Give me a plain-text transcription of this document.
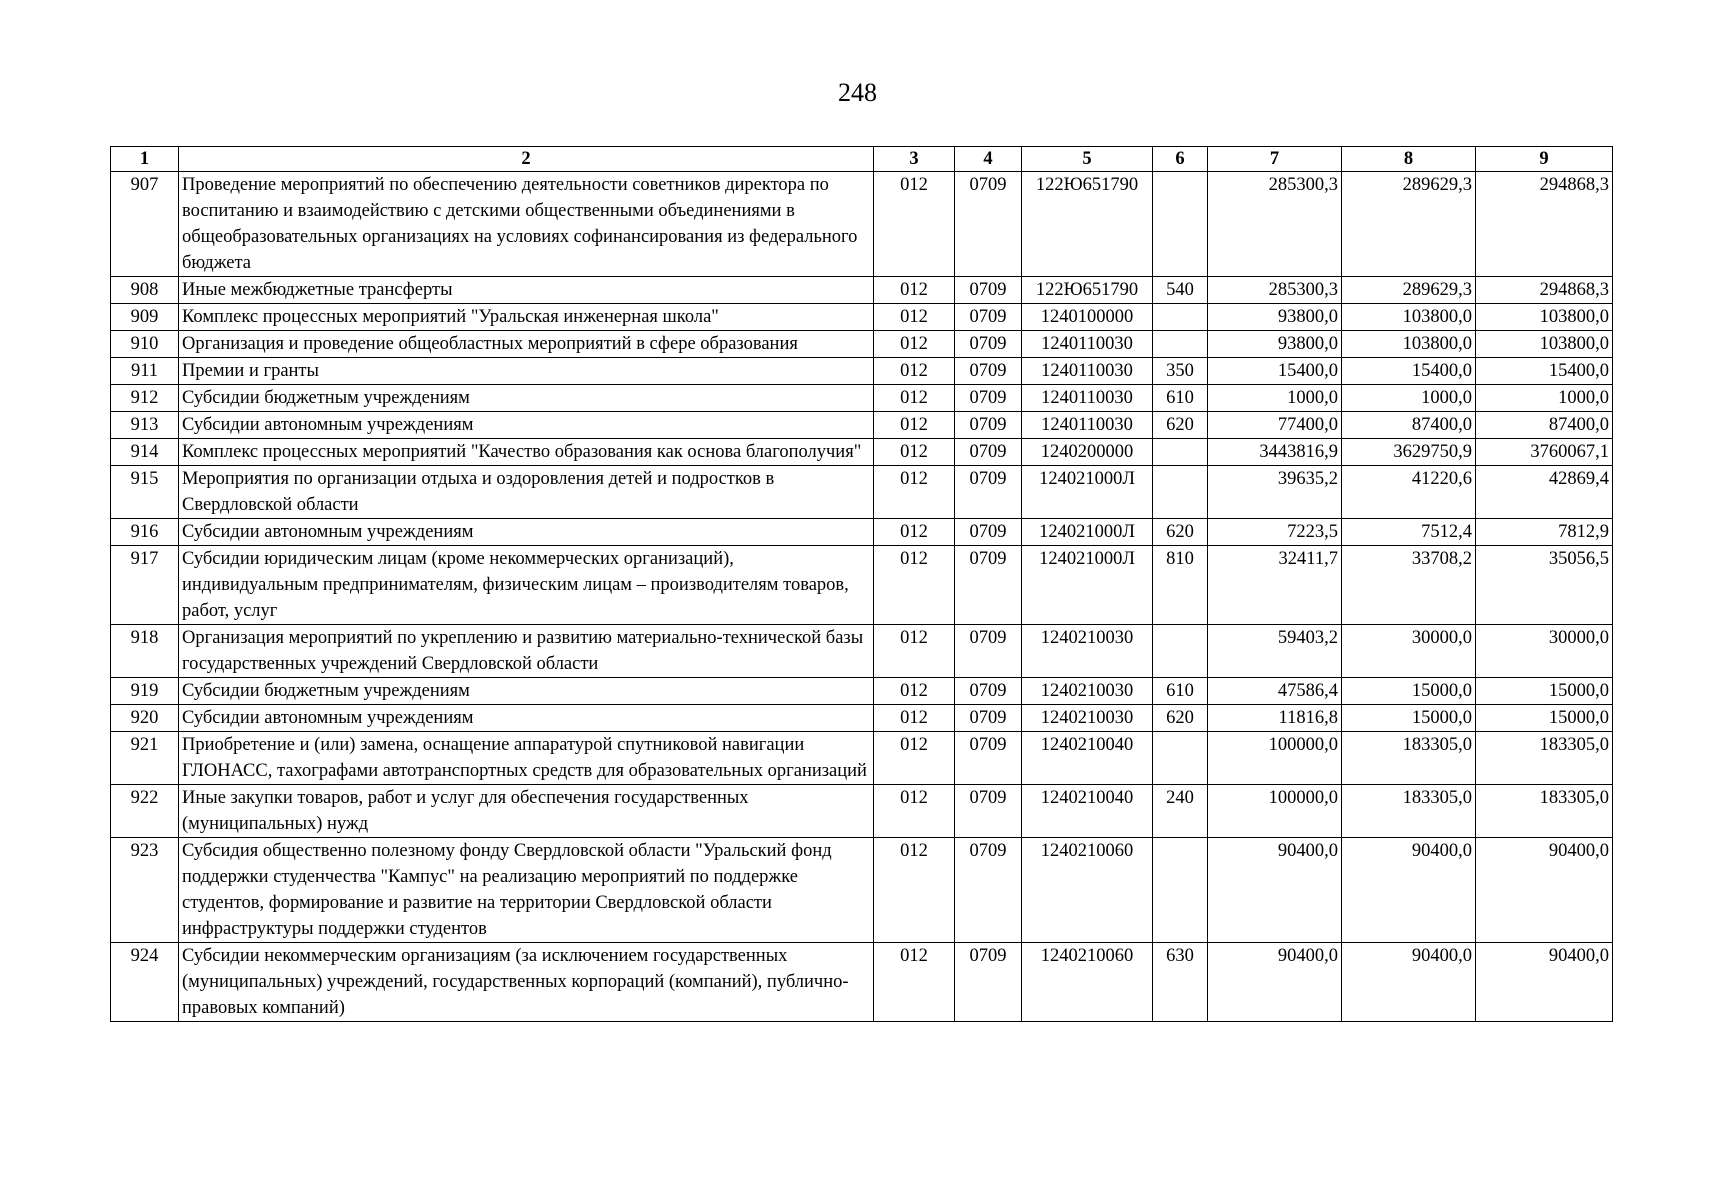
248
1	2	3	4	5	6	7	8	9
907	Проведение мероприятий по обеспечению деятельности советников директора по воспитанию и взаимодействию с детскими общественными объединениями в общеобразовательных организациях на условиях софинансирования из федерального бюджета	012	0709	122Ю651790		285300,3	289629,3	294868,3
908	Иные межбюджетные трансферты	012	0709	122Ю651790	540	285300,3	289629,3	294868,3
909	Комплекс процессных мероприятий "Уральская инженерная школа"	012	0709	1240100000		93800,0	103800,0	103800,0
910	Организация и проведение общеобластных мероприятий в сфере образования	012	0709	1240110030		93800,0	103800,0	103800,0
911	Премии и гранты	012	0709	1240110030	350	15400,0	15400,0	15400,0
912	Субсидии бюджетным учреждениям	012	0709	1240110030	610	1000,0	1000,0	1000,0
913	Субсидии автономным учреждениям	012	0709	1240110030	620	77400,0	87400,0	87400,0
914	Комплекс процессных мероприятий "Качество образования как основа благополучия"	012	0709	1240200000		3443816,9	3629750,9	3760067,1
915	Мероприятия по организации отдыха и оздоровления детей и подростков в Свердловской области	012	0709	124021000Л		39635,2	41220,6	42869,4
916	Субсидии автономным учреждениям	012	0709	124021000Л	620	7223,5	7512,4	7812,9
917	Субсидии юридическим лицам (кроме некоммерческих организаций), индивидуальным предпринимателям, физическим лицам – производителям товаров, работ, услуг	012	0709	124021000Л	810	32411,7	33708,2	35056,5
918	Организация мероприятий по укреплению и развитию материально-технической базы государственных учреждений Свердловской области	012	0709	1240210030		59403,2	30000,0	30000,0
919	Субсидии бюджетным учреждениям	012	0709	1240210030	610	47586,4	15000,0	15000,0
920	Субсидии автономным учреждениям	012	0709	1240210030	620	11816,8	15000,0	15000,0
921	Приобретение и (или) замена, оснащение аппаратурой спутниковой навигации ГЛОНАСС, тахографами автотранспортных средств для образовательных организаций	012	0709	1240210040		100000,0	183305,0	183305,0
922	Иные закупки товаров, работ и услуг для обеспечения государственных (муниципальных) нужд	012	0709	1240210040	240	100000,0	183305,0	183305,0
923	Субсидия общественно полезному фонду Свердловской области "Уральский фонд поддержки студенчества "Кампус" на реализацию мероприятий по поддержке студентов, формирование и развитие на территории Свердловской области инфраструктуры поддержки студентов	012	0709	1240210060		90400,0	90400,0	90400,0
924	Субсидии некоммерческим организациям (за исключением государственных (муниципальных) учреждений, государственных корпораций (компаний), публично-правовых компаний)	012	0709	1240210060	630	90400,0	90400,0	90400,0
